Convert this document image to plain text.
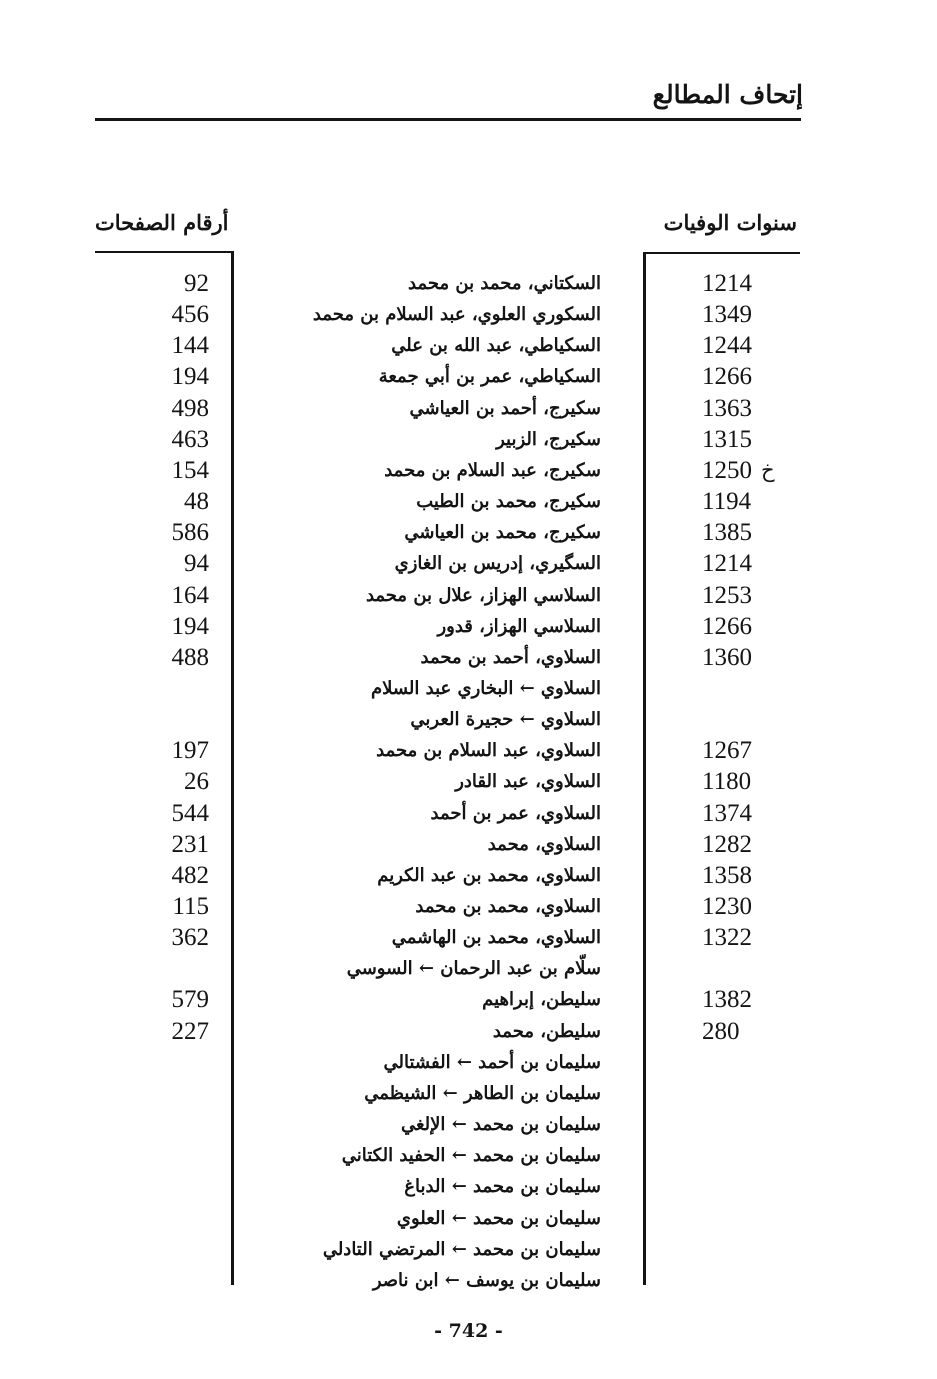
إتحاف المطالع
سنوات الوفيات
أرقام الصفحات
92	السكتاني، محمد بن محمد	1214
456	السكوري العلوي، عبد السلام بن محمد	1349
144	السكياطي، عبد الله بن علي	1244
194	السكياطي، عمر بن أبي جمعة	1266
498	سكيرج، أحمد بن العياشي	1363
463	سكيرج، الزبير	1315
154	سكيرج، عبد السلام بن محمد	1250 خ
48	سكيرج، محمد بن الطيب	1194
586	سكيرج، محمد بن العياشي	1385
94	السگيري، إدريس بن الغازي	1214
164	السلاسي الهزاز، علال بن محمد	1253
194	السلاسي الهزاز، قدور	1266
488	السلاوي، أحمد بن محمد	1360
السلاوي ← البخاري عبد السلام
السلاوي ← حجيرة العربي
197	السلاوي، عبد السلام بن محمد	1267
26	السلاوي، عبد القادر	1180
544	السلاوي، عمر بن أحمد	1374
231	السلاوي، محمد	1282
482	السلاوي، محمد بن عبد الكريم	1358
115	السلاوي، محمد بن محمد	1230
362	السلاوي، محمد بن الهاشمي	1322
سلّام بن عبد الرحمان ← السوسي
579	سليطن، إبراهيم	1382
227	سليطن، محمد	280
سليمان بن أحمد ← الفشتالي
سليمان بن الطاهر ← الشيظمي
سليمان بن محمد ← الإلغي
سليمان بن محمد ← الحفيد الكتاني
سليمان بن محمد ← الدباغ
سليمان بن محمد ← العلوي
سليمان بن محمد ← المرتضي التادلي
سليمان بن يوسف ← ابن ناصر
- 742 -
